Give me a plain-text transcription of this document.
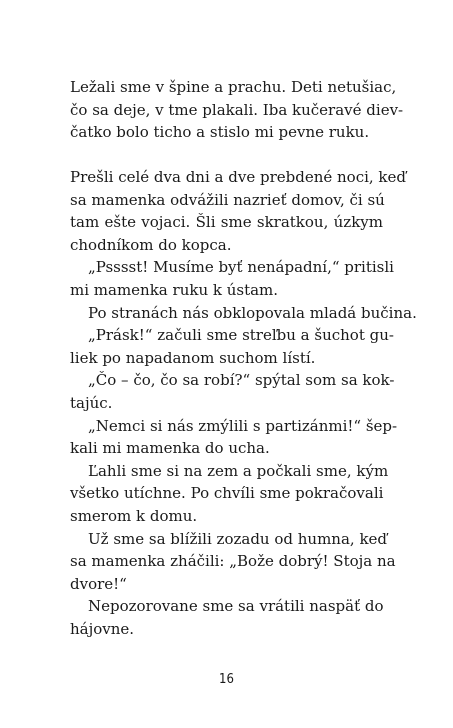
Ležali sme v špine a prachu. Deti netušiac,
čo sa deje, v tme plakali. Iba kučeravé diev-
čatko bolo ticho a stislo mi pevne ruku.
Prešli celé dva dni a dve prebdené noci, keď
sa mamenka odvážili nazrieť domov, či sú
tam ešte vojaci. Šli sme skratkou, úzkym
chodníkom do kopca.
„Psssst! Musíme byť nenápadní,“ pritisli
mi mamenka ruku k ústam.
Po stranách nás obklopovala mladá bučina.
„Prásk!“ začuli sme streľbu a šuchot gu-
liek po napadanom suchom lístí.
„Čo – čo, čo sa robí?“ spýtal som sa kok-
tajúc.
„Nemci si nás zmýlili s partizánmi!“ šep-
kali mi mamenka do ucha.
Ľahli sme si na zem a počkali sme, kým
všetko utíchne. Po chvíli sme pokračovali
smerom k domu.
Už sme sa blížili zozadu od humna, keď
sa mamenka zháčili: „Bože dobrý! Stoja na
dvore!“
Nepozorovane sme sa vrátili naspäť do
hájovne.
16
